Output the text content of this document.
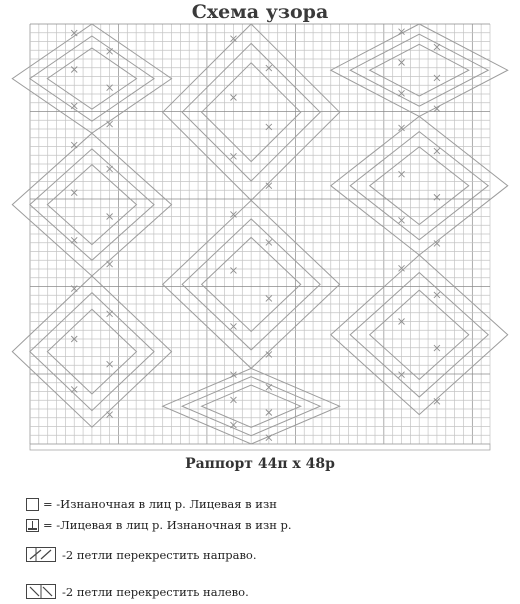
Схема узора
Раппорт 44п х 48р
= -Изнаночная в лиц р. Лицевая в изн
= -Лицевая в лиц р. Изнаночная в изн р.
-2 петли перекрестить направо.
-2 петли перекрестить налево.
